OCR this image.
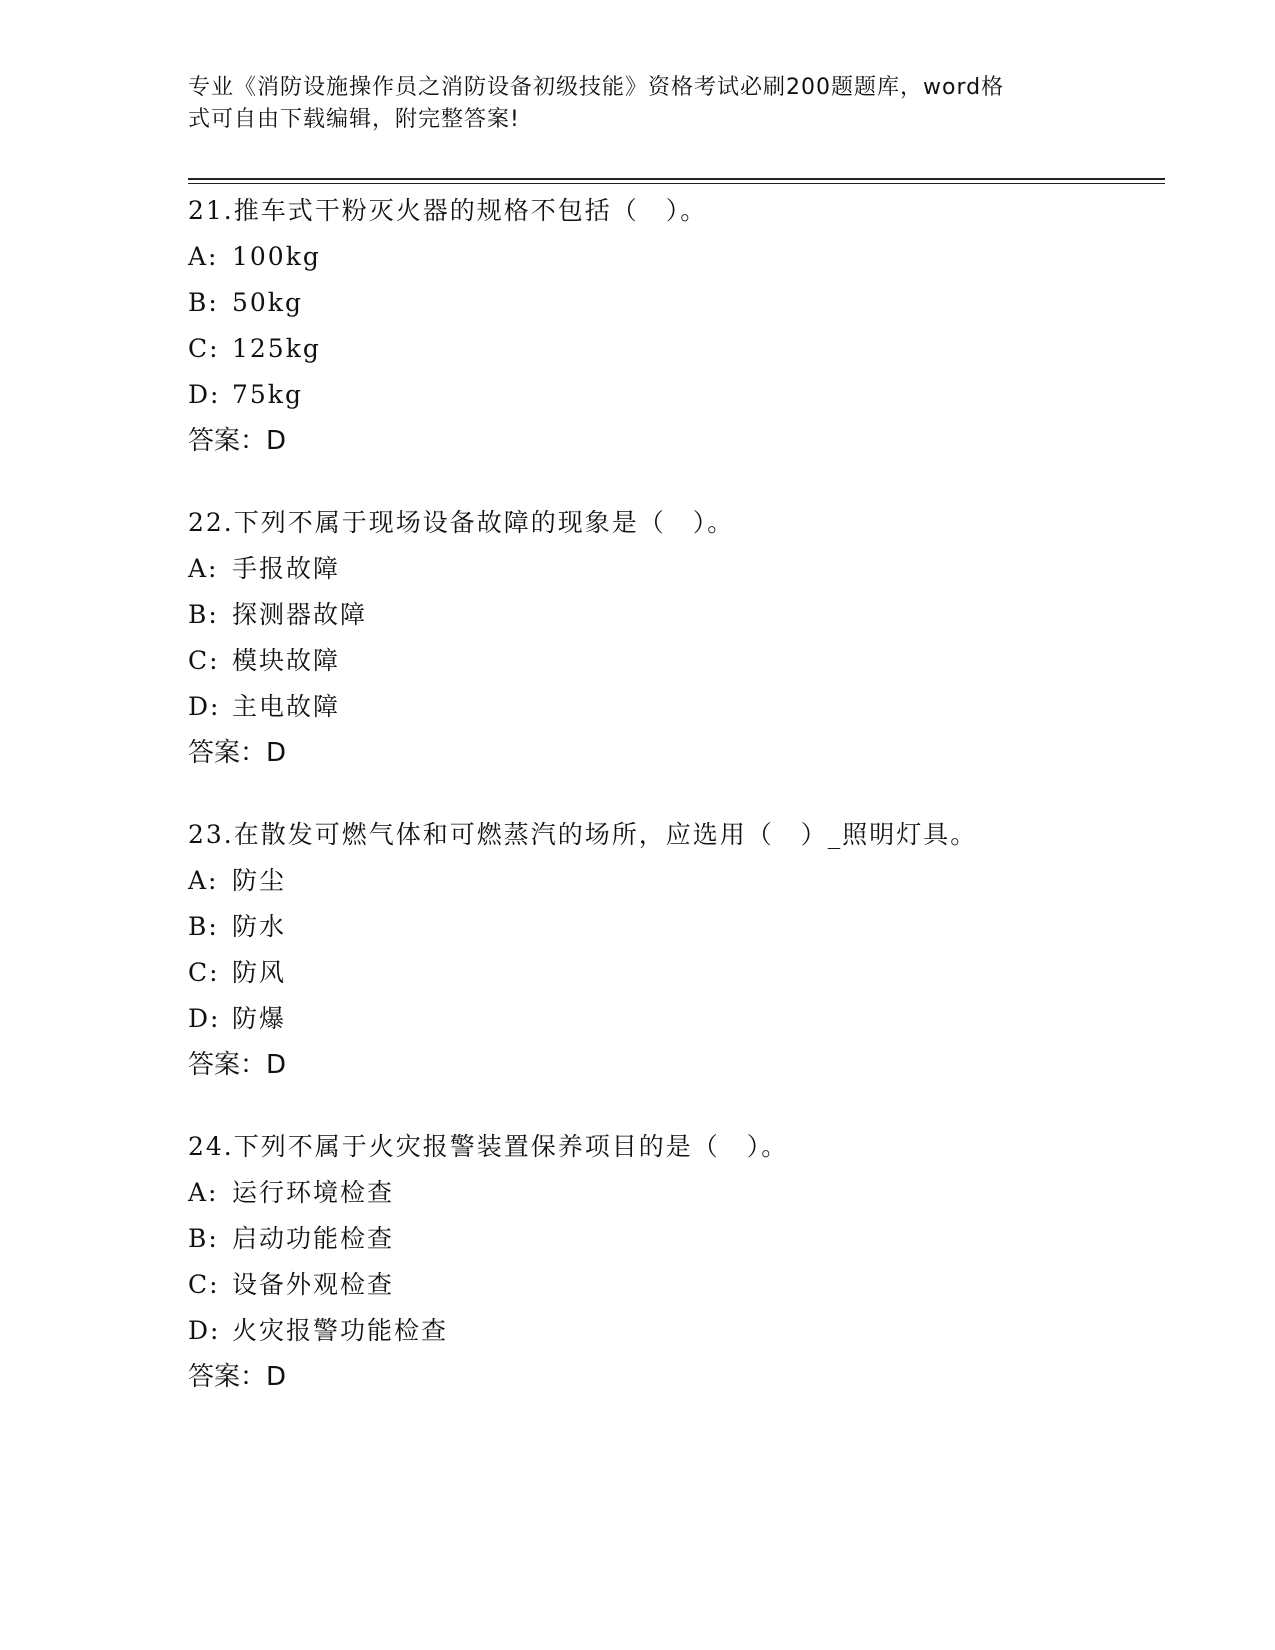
专业《消防设施操作员之消防设备初级技能》资格考试必刷200题题库，word格
式可自由下载编辑，附完整答案!
21.推车式干粉灭火器的规格不包括（　）。
A: 100kg
B: 50kg
C: 125kg
D: 75kg
答案：D
22.下列不属于现场设备故障的现象是（　）。
A: 手报故障
B: 探测器故障
C: 模块故障
D: 主电故障
答案：D
23.在散发可燃气体和可燃蒸汽的场所，应选用（　）_照明灯具。
A: 防尘
B: 防水
C: 防风
D: 防爆
答案：D
24.下列不属于火灾报警装置保养项目的是（　）。
A: 运行环境检查
B: 启动功能检查
C: 设备外观检查
D: 火灾报警功能检查
答案：D
